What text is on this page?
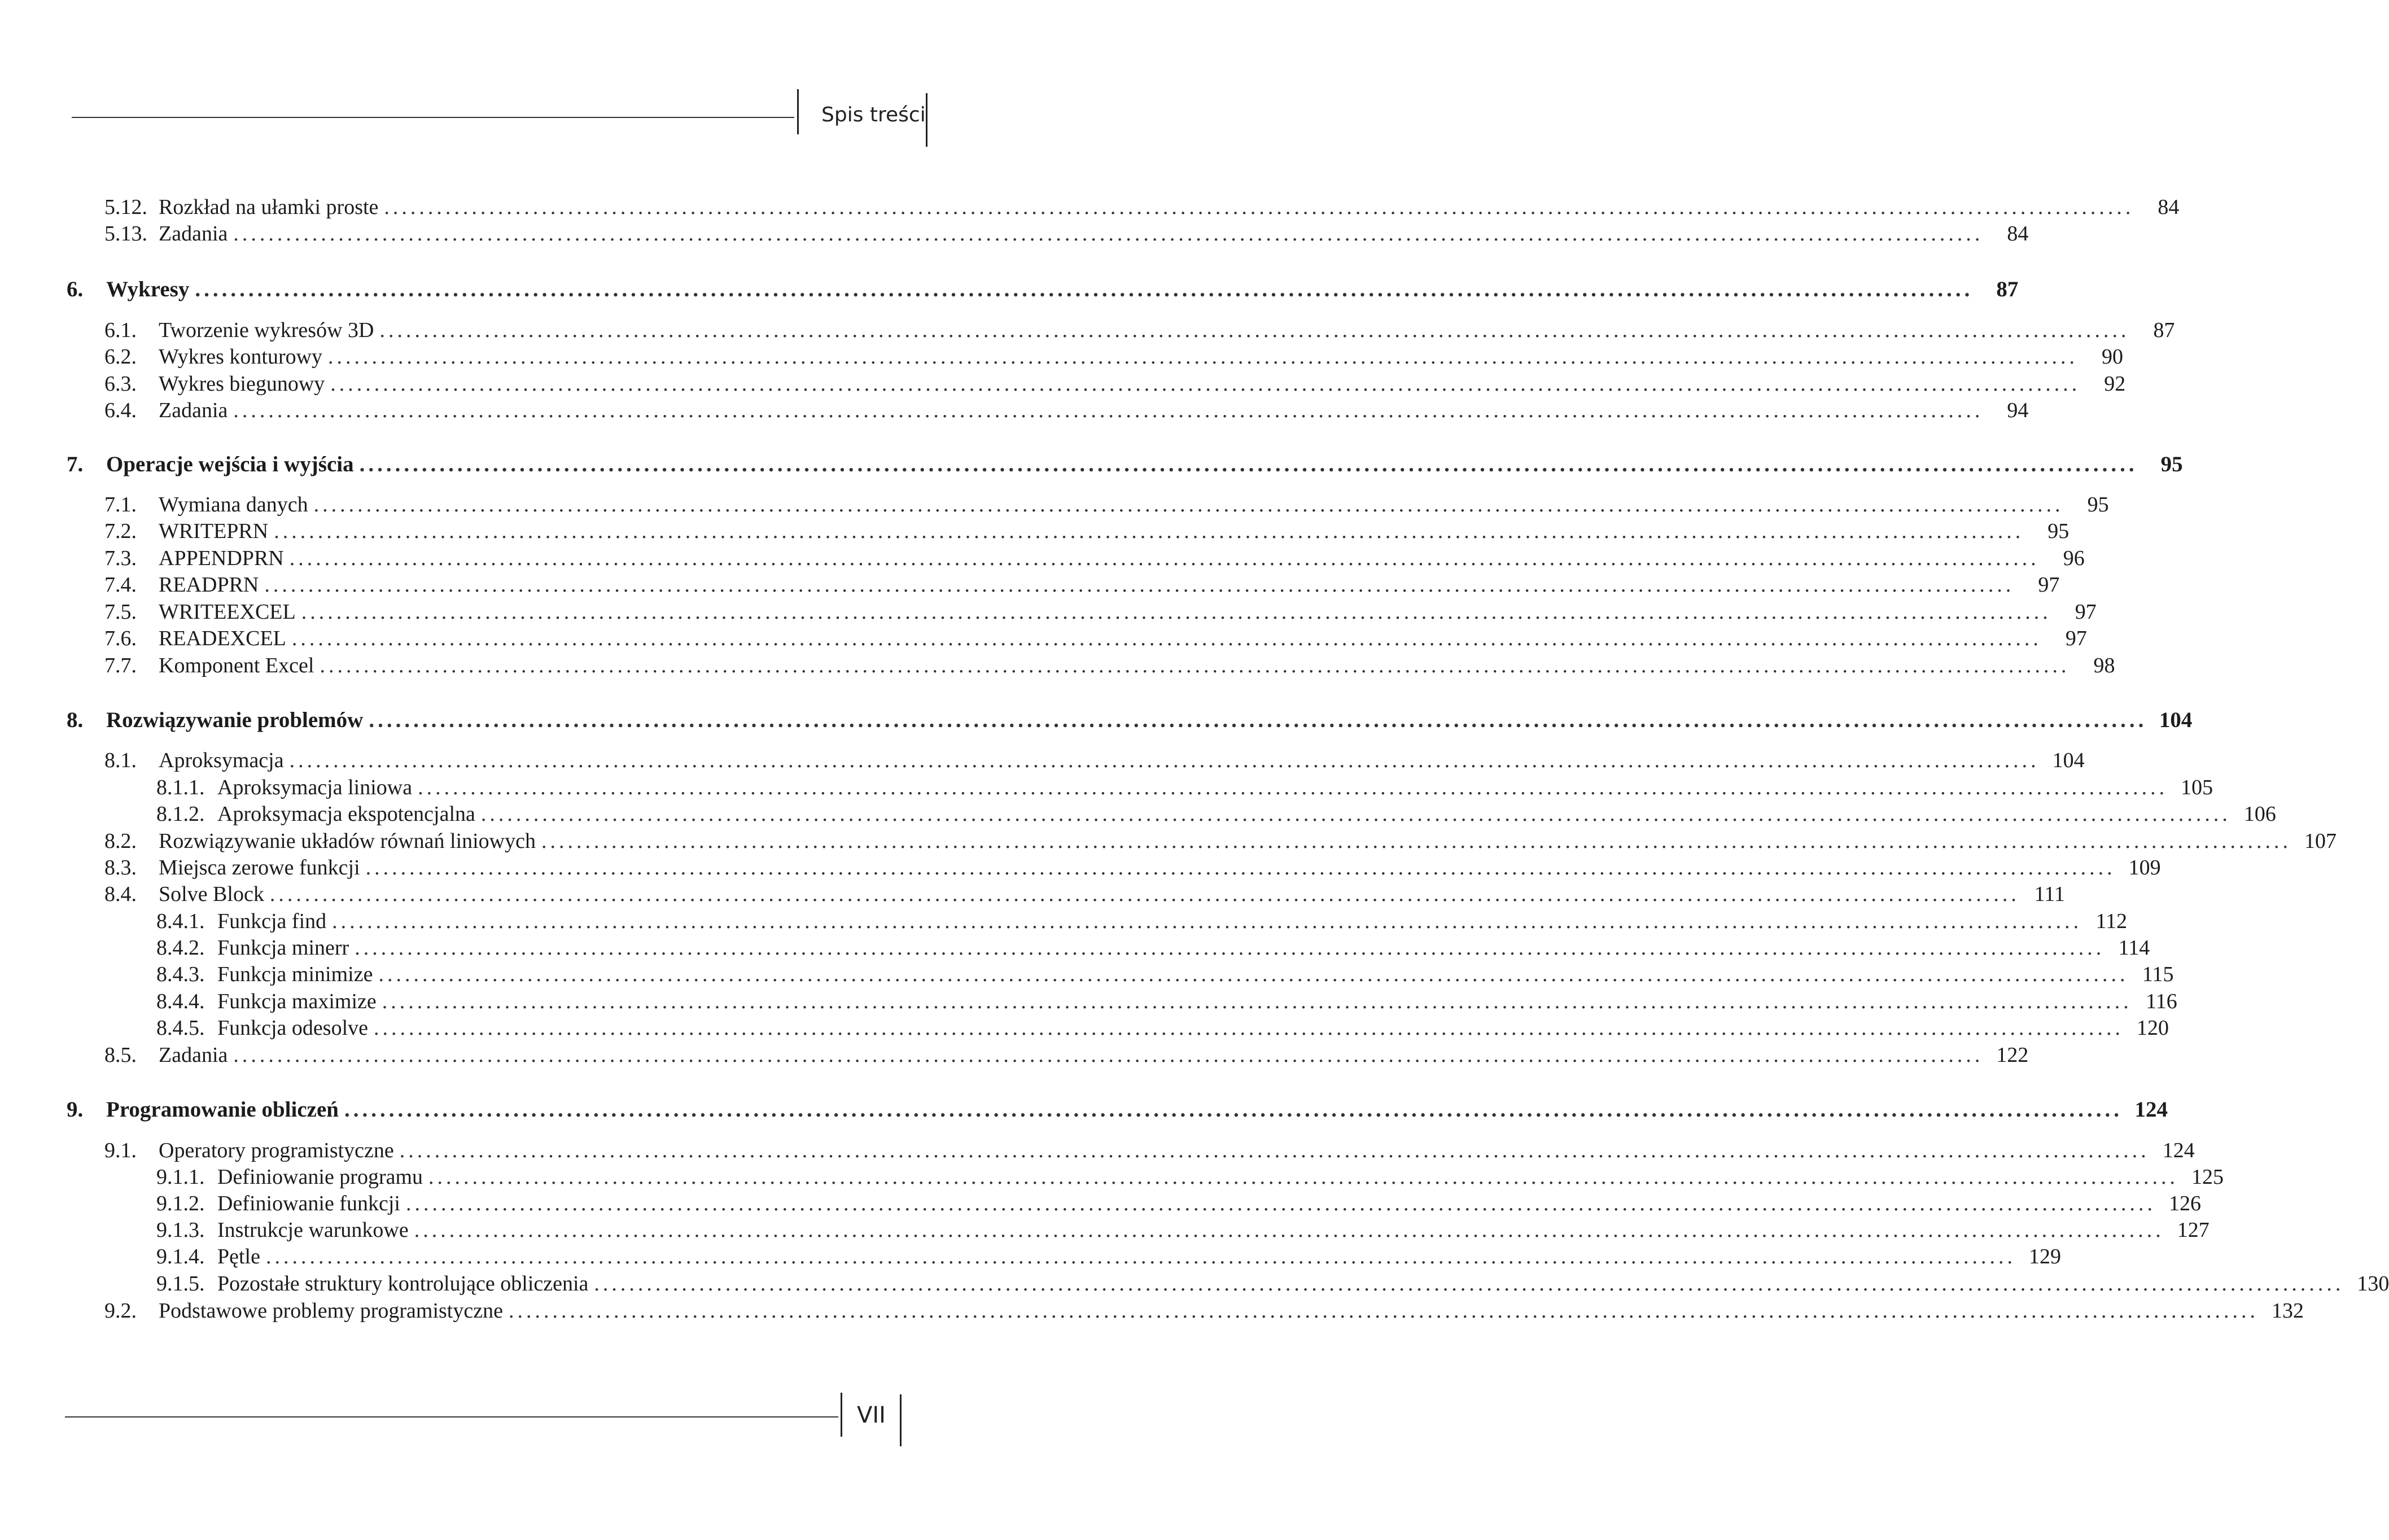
Spis treści
5.12. Rozkład na ułamki proste ........................................................................................................................................................................................................	84
5.13. Zadania ........................................................................................................................................................................................................	84
6.	Wykresy ........................................................................................................................................................................................................	87
6.1.	Tworzenie wykresów 3D ........................................................................................................................................................................................................	87
6.2.	Wykres konturowy ........................................................................................................................................................................................................	90
6.3.	Wykres biegunowy ........................................................................................................................................................................................................	92
6.4.	Zadania ........................................................................................................................................................................................................	94
7.	Operacje wejścia i wyjścia ........................................................................................................................................................................................................	95
7.1.	Wymiana danych ........................................................................................................................................................................................................	95
7.2.	WRITEPRN ........................................................................................................................................................................................................	95
7.3.	APPENDPRN ........................................................................................................................................................................................................	96
7.4.	READPRN ........................................................................................................................................................................................................	97
7.5.	WRITEEXCEL ........................................................................................................................................................................................................	97
7.6.	READEXCEL ........................................................................................................................................................................................................	97
7.7.	Komponent Excel ........................................................................................................................................................................................................	98
8.	Rozwiązywanie problemów ........................................................................................................................................................................................................ 104
8.1.	Aproksymacja ........................................................................................................................................................................................................ 104
8.1.1. Aproksymacja liniowa ........................................................................................................................................................................................................ 105
8.1.2. Aproksymacja ekspotencjalna ........................................................................................................................................................................................................ 106
8.2.	Rozwiązywanie układów równań liniowych ........................................................................................................................................................................................................ 107
8.3.	Miejsca zerowe funkcji ........................................................................................................................................................................................................ 109
8.4.	Solve Block ........................................................................................................................................................................................................ 111
8.4.1. Funkcja find ........................................................................................................................................................................................................ 112
8.4.2. Funkcja minerr ........................................................................................................................................................................................................ 114
8.4.3. Funkcja minimize ........................................................................................................................................................................................................ 115
8.4.4. Funkcja maximize ........................................................................................................................................................................................................ 116
8.4.5. Funkcja odesolve ........................................................................................................................................................................................................ 120
8.5.	Zadania ........................................................................................................................................................................................................ 122
9.	Programowanie obliczeń ........................................................................................................................................................................................................ 124
9.1.	Operatory programistyczne ........................................................................................................................................................................................................ 124
9.1.1. Definiowanie programu ........................................................................................................................................................................................................ 125
9.1.2. Definiowanie funkcji ........................................................................................................................................................................................................ 126
9.1.3. Instrukcje warunkowe ........................................................................................................................................................................................................ 127
9.1.4. Pętle ........................................................................................................................................................................................................ 129
9.1.5. Pozostałe struktury kontrolujące obliczenia ........................................................................................................................................................................................................ 130
9.2.	Podstawowe problemy programistyczne ........................................................................................................................................................................................................ 132
VII
